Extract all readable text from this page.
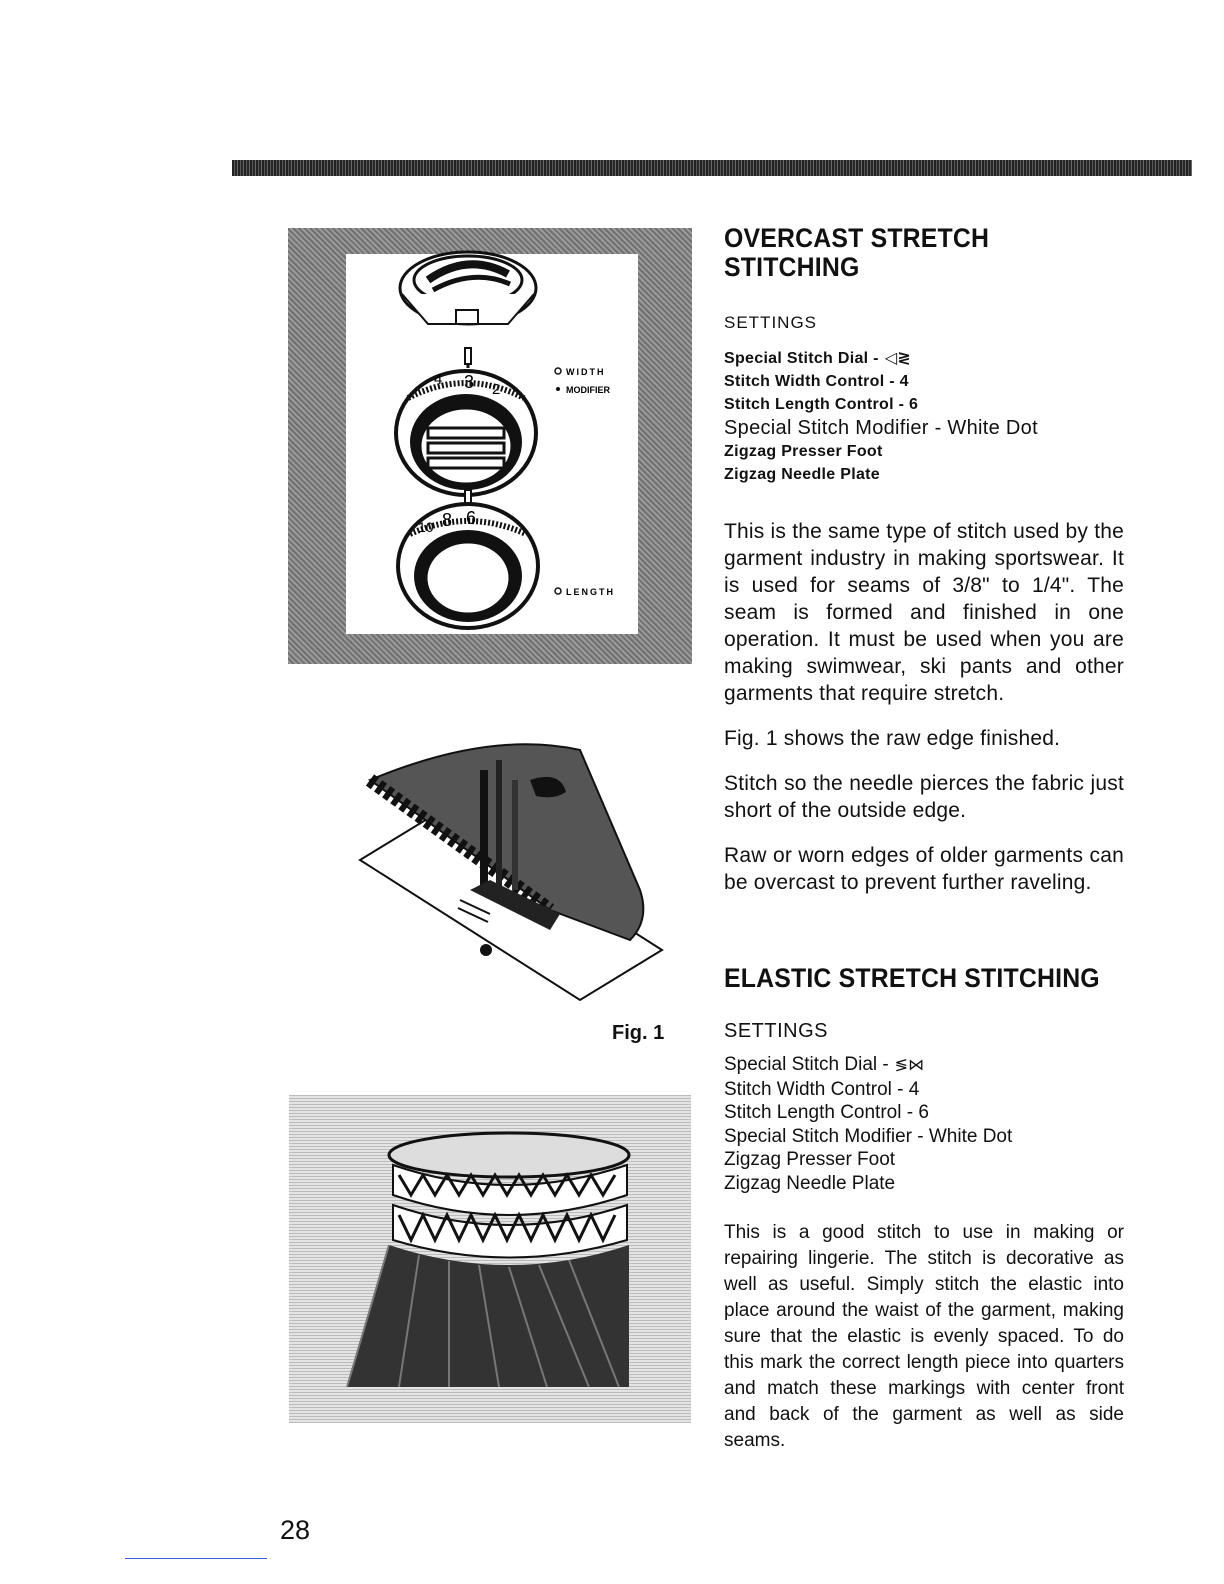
4 3 2
10 8 6
WIDTH
MODIFIER
LENGTH
Fig. 1
OVERCAST STRETCH
STITCHING

SETTINGS

Special Stitch Dial - ◁≷
Stitch Width Control - 4
Stitch Length Control - 6
Special Stitch Modifier - White Dot
Zigzag Presser Foot
Zigzag Needle Plate

This is the same type of stitch used by the garment industry in making sportswear. It is used for seams of 3/8" to 1/4". The seam is formed and finished in one operation. It must be used when you are making swimwear, ski pants and other garments that require stretch.

Fig. 1 shows the raw edge finished.

Stitch so the needle pierces the fabric just short of the outside edge.

Raw or worn edges of older garments can be overcast to prevent further raveling.

ELASTIC STRETCH STITCHING

SETTINGS

Special Stitch Dial - ≶⋈
Stitch Width Control - 4
Stitch Length Control - 6
Special Stitch Modifier - White Dot
Zigzag Presser Foot
Zigzag Needle Plate

This is a good stitch to use in making or repairing lingerie. The stitch is decorative as well as useful. Simply stitch the elastic into place around the waist of the garment, making sure that the elastic is evenly spaced. To do this mark the correct length piece into quarters and match these markings with center front and back of the garment as well as side seams.

28
